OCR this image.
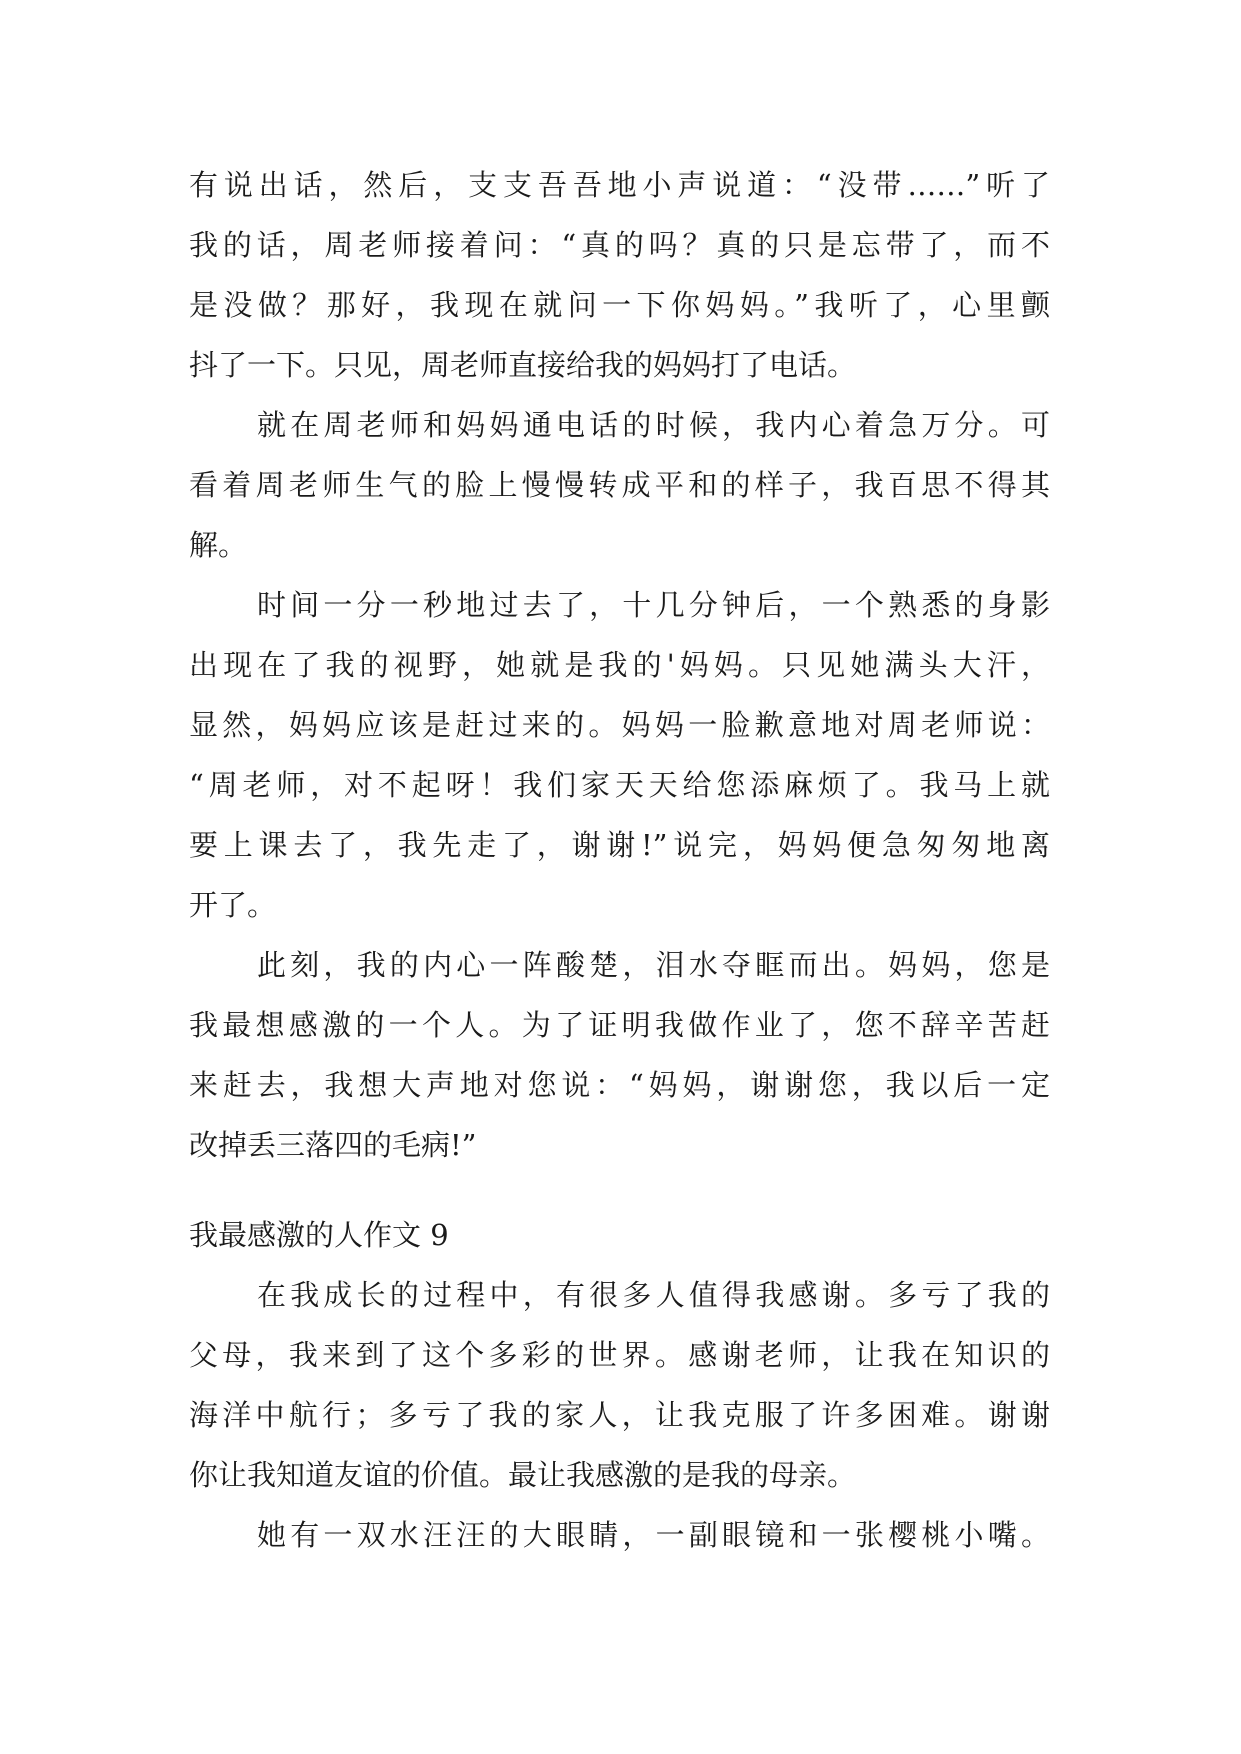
有说出话，然后，支支吾吾地小声说道：“没带……”听了
我的话，周老师接着问：“真的吗？真的只是忘带了，而不
是没做？那好，我现在就问一下你妈妈。”我听了，心里颤
抖了一下。只见，周老师直接给我的妈妈打了电话。
就在周老师和妈妈通电话的时候，我内心着急万分。可
看着周老师生气的脸上慢慢转成平和的样子，我百思不得其
解。
时间一分一秒地过去了，十几分钟后，一个熟悉的身影
出现在了我的视野，她就是我的'妈妈。只见她满头大汗，
显然，妈妈应该是赶过来的。妈妈一脸歉意地对周老师说：
“周老师，对不起呀！我们家天天给您添麻烦了。我马上就
要上课去了，我先走了，谢谢!”说完，妈妈便急匆匆地离
开了。
此刻，我的内心一阵酸楚，泪水夺眶而出。妈妈，您是
我最想感激的一个人。为了证明我做作业了，您不辞辛苦赶
来赶去，我想大声地对您说：“妈妈，谢谢您，我以后一定
改掉丢三落四的毛病!”
我最感激的人作文 9
在我成长的过程中，有很多人值得我感谢。多亏了我的
父母，我来到了这个多彩的世界。感谢老师，让我在知识的
海洋中航行；多亏了我的家人，让我克服了许多困难。谢谢
你让我知道友谊的价值。最让我感激的是我的母亲。
她有一双水汪汪的大眼睛，一副眼镜和一张樱桃小嘴。
